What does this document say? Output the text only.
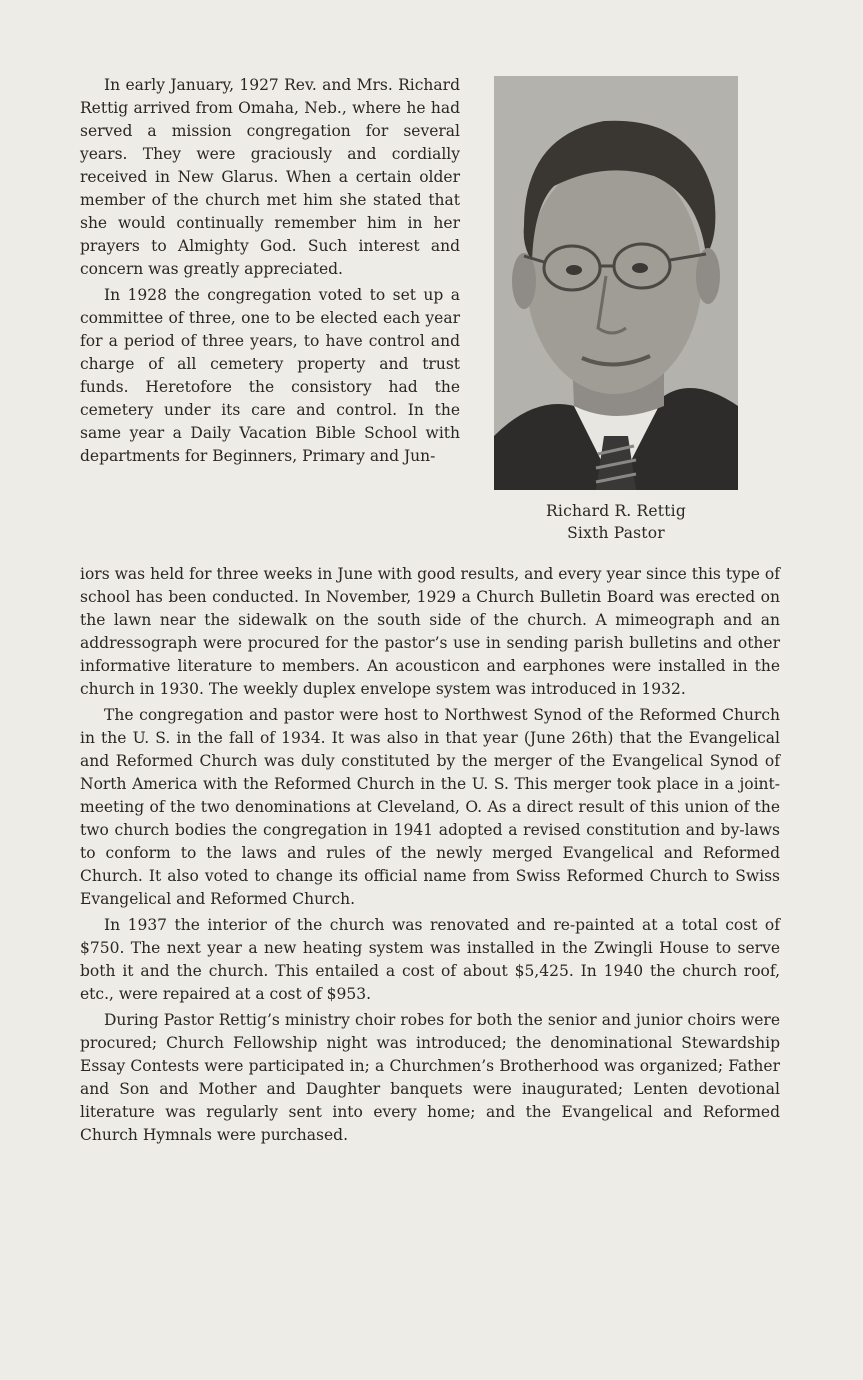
In early January, 1927 Rev. and Mrs. Richard Rettig arrived from Omaha, Neb., where he had served a mission congregation for several years. They were graciously and cordially received in New Glarus. When a certain older member of the church met him she stated that she would continually remember him in her prayers to Almighty God. Such interest and concern was greatly appreciated.

In 1928 the congregation voted to set up a committee of three, one to be elected each year for a period of three years, to have control and charge of all cemetery property and trust funds. Heretofore the consistory had the cemetery under its care and control. In the same year a Daily Vacation Bible School with departments for Beginners, Primary and Jun-

Richard R. Rettig
Sixth Pastor

iors was held for three weeks in June with good results, and every year since this type of school has been conducted. In November, 1929 a Church Bulletin Board was erected on the lawn near the sidewalk on the south side of the church. A mimeograph and an addressograph were procured for the pastor’s use in sending parish bulletins and other informative literature to members. An acousticon and earphones were installed in the church in 1930. The weekly duplex envelope system was introduced in 1932.

The congregation and pastor were host to Northwest Synod of the Reformed Church in the U. S. in the fall of 1934. It was also in that year (June 26th) that the Evangelical and Reformed Church was duly constituted by the merger of the Evangelical Synod of North America with the Reformed Church in the U. S. This merger took place in a joint-meeting of the two denominations at Cleveland, O. As a direct result of this union of the two church bodies the congregation in 1941 adopted a revised constitution and by-laws to conform to the laws and rules of the newly merged Evangelical and Reformed Church. It also voted to change its official name from Swiss Reformed Church to Swiss Evangelical and Reformed Church.

In 1937 the interior of the church was renovated and re-painted at a total cost of $750. The next year a new heating system was installed in the Zwingli House to serve both it and the church. This entailed a cost of about $5,425. In 1940 the church roof, etc., were repaired at a cost of $953.

During Pastor Rettig’s ministry choir robes for both the senior and junior choirs were procured; Church Fellowship night was introduced; the denominational Stewardship Essay Contests were participated in; a Churchmen’s Brotherhood was organized; Father and Son and Mother and Daughter banquets were inaugurated; Lenten devotional literature was regularly sent into every home; and the Evangelical and Reformed Church Hymnals were purchased.
